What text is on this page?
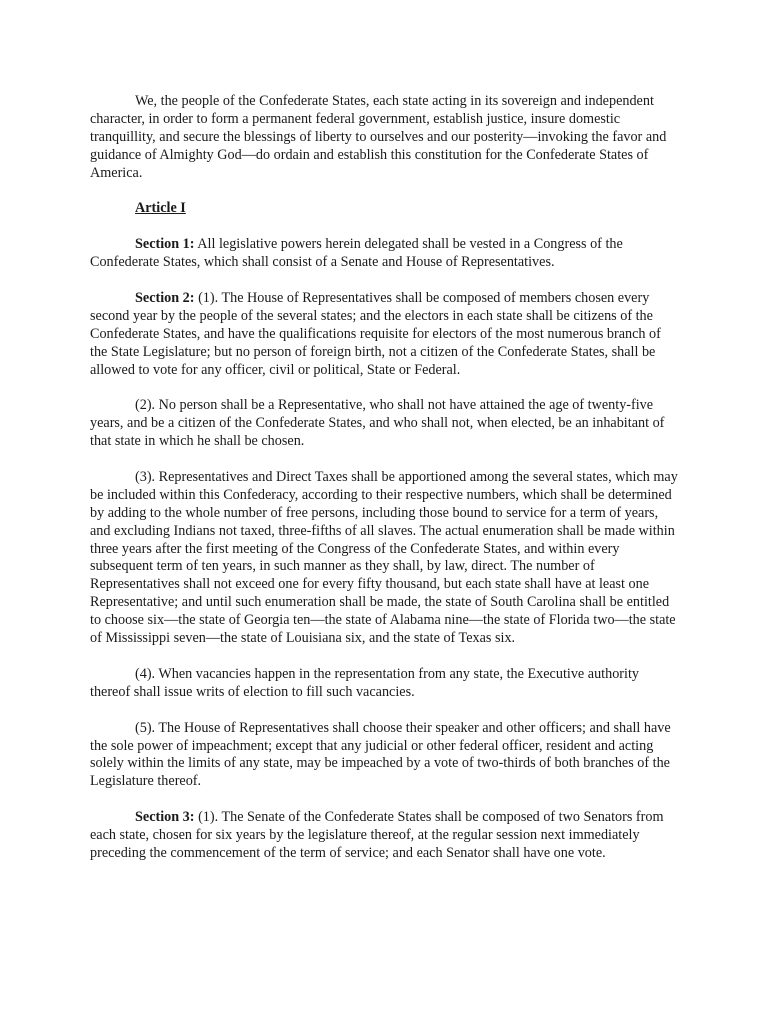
We, the people of the Confederate States, each state acting in its sovereign and independent character, in order to form a permanent federal government, establish justice, insure domestic tranquillity, and secure the blessings of liberty to ourselves and our posterity—invoking the favor and guidance of Almighty God—do ordain and establish this constitution for the Confederate States of America.

Article I

Section 1: All legislative powers herein delegated shall be vested in a Congress of the Confederate States, which shall consist of a Senate and House of Representatives.

Section 2: (1). The House of Representatives shall be composed of members chosen every second year by the people of the several states; and the electors in each state shall be citizens of the Confederate States, and have the qualifications requisite for electors of the most numerous branch of the State Legislature; but no person of foreign birth, not a citizen of the Confederate States, shall be allowed to vote for any officer, civil or political, State or Federal.

(2). No person shall be a Representative, who shall not have attained the age of twenty-five years, and be a citizen of the Confederate States, and who shall not, when elected, be an inhabitant of that state in which he shall be chosen.

(3). Representatives and Direct Taxes shall be apportioned among the several states, which may be included within this Confederacy, according to their respective numbers, which shall be determined by adding to the whole number of free persons, including those bound to service for a term of years, and excluding Indians not taxed, three-fifths of all slaves. The actual enumeration shall be made within three years after the first meeting of the Congress of the Confederate States, and within every subsequent term of ten years, in such manner as they shall, by law, direct. The number of Representatives shall not exceed one for every fifty thousand, but each state shall have at least one Representative; and until such enumeration shall be made, the state of South Carolina shall be entitled to choose six—the state of Georgia ten—the state of Alabama nine—the state of Florida two—the state of Mississippi seven—the state of Louisiana six, and the state of Texas six.

(4). When vacancies happen in the representation from any state, the Executive authority thereof shall issue writs of election to fill such vacancies.

(5). The House of Representatives shall choose their speaker and other officers; and shall have the sole power of impeachment; except that any judicial or other federal officer, resident and acting solely within the limits of any state, may be impeached by a vote of two-thirds of both branches of the Legislature thereof.

Section 3: (1). The Senate of the Confederate States shall be composed of two Senators from each state, chosen for six years by the legislature thereof, at the regular session next immediately preceding the commencement of the term of service; and each Senator shall have one vote.
